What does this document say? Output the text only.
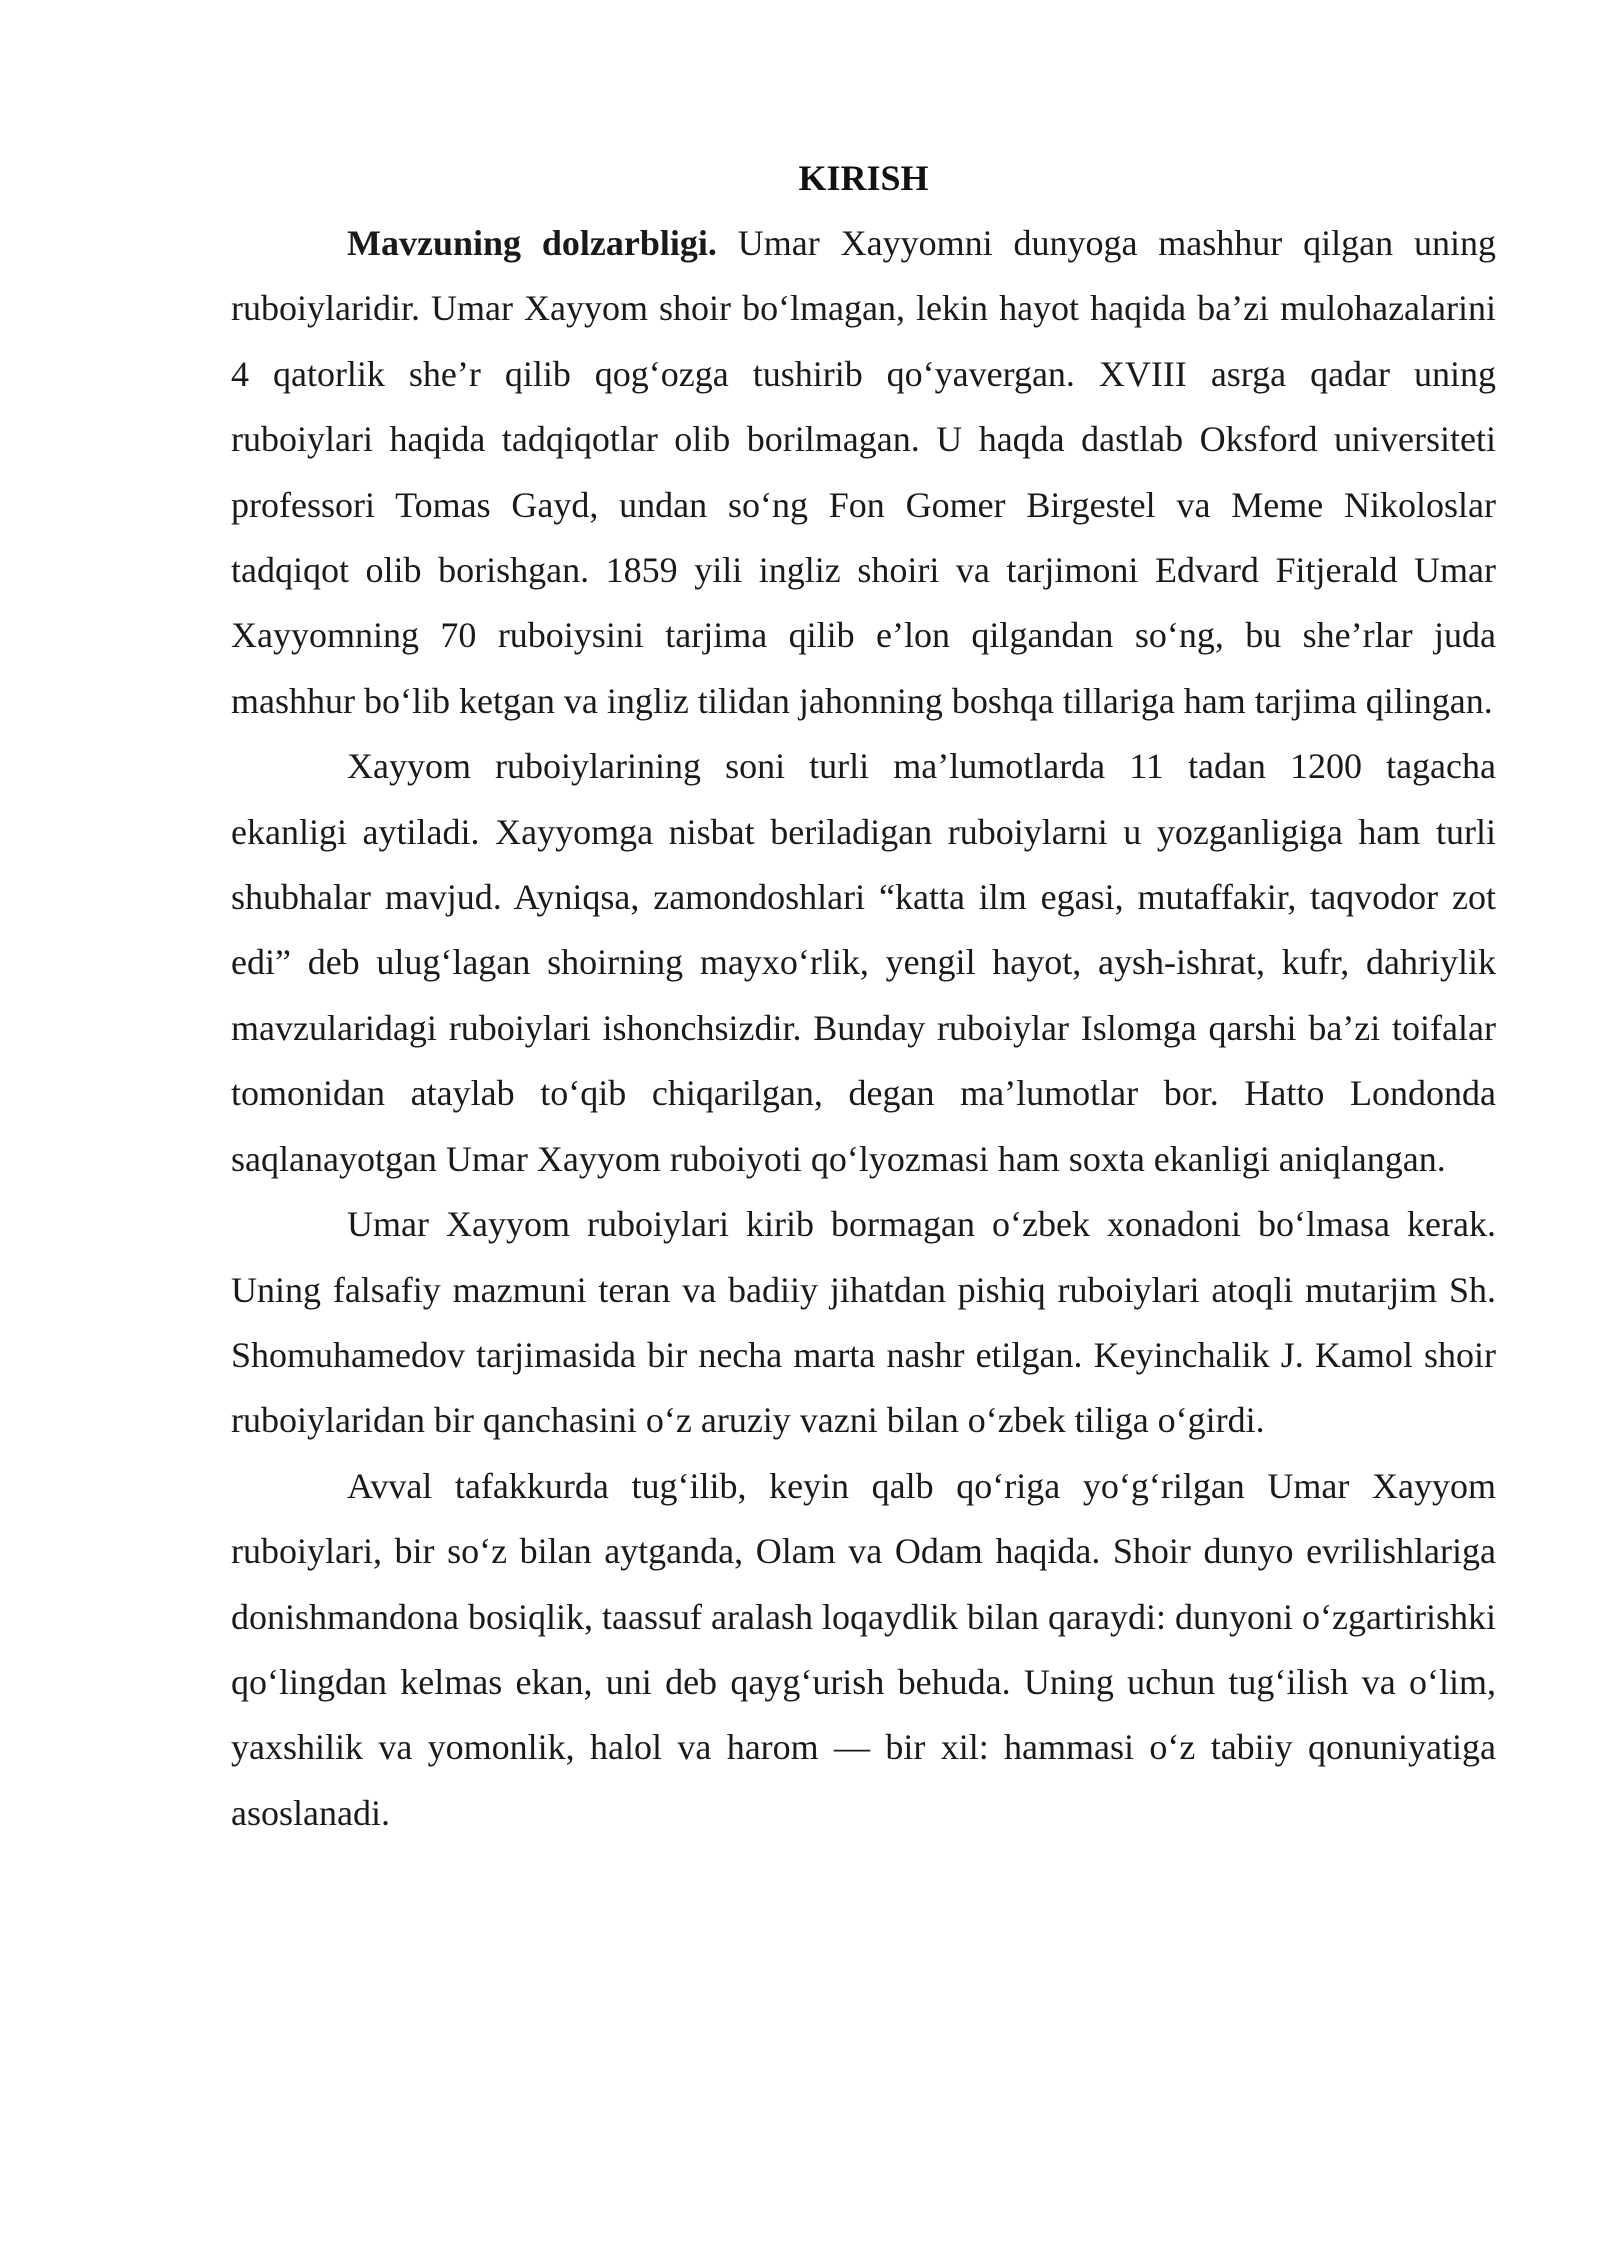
KIRISH

Mavzuning dolzarbligi. Umar Xayyomni dunyoga mashhur qilgan uning ruboiylaridir. Umar Xayyom shoir bo‘lmagan, lekin hayot haqida ba’zi mulohazalarini 4 qatorlik she’r qilib qog‘ozga tushirib qo‘yavergan. XVIII asrga qadar uning ruboiylari haqida tadqiqotlar olib borilmagan. U haqda dastlab Oksford universiteti professori Tomas Gayd, undan so‘ng Fon Gomer Birgestel va Meme Nikoloslar tadqiqot olib borishgan. 1859 yili ingliz shoiri va tarjimoni Edvard Fitjerald Umar Xayyomning 70 ruboiysini tarjima qilib e’lon qilgandan so‘ng, bu she’rlar juda mashhur bo‘lib ketgan va ingliz tilidan jahonning boshqa tillariga ham tarjima qilingan.

Xayyom ruboiylarining soni turli ma’lumotlarda 11 tadan 1200 tagacha ekanligi aytiladi. Xayyomga nisbat beriladigan ruboiylarni u yozganligiga ham turli shubhalar mavjud. Ayniqsa, zamondoshlari “katta ilm egasi, mutaffakir, taqvodor zot edi” deb ulug‘lagan shoirning mayxo‘rlik, yengil hayot, aysh-ishrat, kufr, dahriylik mavzularidagi ruboiylari ishonchsizdir. Bunday ruboiylar Islomga qarshi ba’zi toifalar tomonidan ataylab to‘qib chiqarilgan, degan ma’lumotlar bor. Hatto Londonda saqlanayotgan Umar Xayyom ruboiyoti qo‘lyozmasi ham soxta ekanligi aniqlangan.

Umar Xayyom ruboiylari kirib bormagan o‘zbek xonadoni bo‘lmasa kerak. Uning falsafiy mazmuni teran va badiiy jihatdan pishiq ruboiylari atoqli mutarjim Sh. Shomuhamedov tarjimasida bir necha marta nashr etilgan. Keyinchalik J. Kamol shoir ruboiylaridan bir qanchasini o‘z aruziy vazni bilan o‘zbek tiliga o‘girdi.

Avval tafakkurda tug‘ilib, keyin qalb qo‘riga yo‘g‘rilgan Umar Xayyom ruboiylari, bir so‘z bilan aytganda, Olam va Odam haqida. Shoir dunyo evrilishlariga donishmandona bosiqlik, taassuf aralash loqaydlik bilan qaraydi: dunyoni o‘zgartirishki qo‘lingdan kelmas ekan, uni deb qayg‘urish behuda. Uning uchun tug‘ilish va o‘lim, yaxshilik va yomonlik, halol va harom — bir xil: hammasi o‘z tabiiy qonuniyatiga asoslanadi.
